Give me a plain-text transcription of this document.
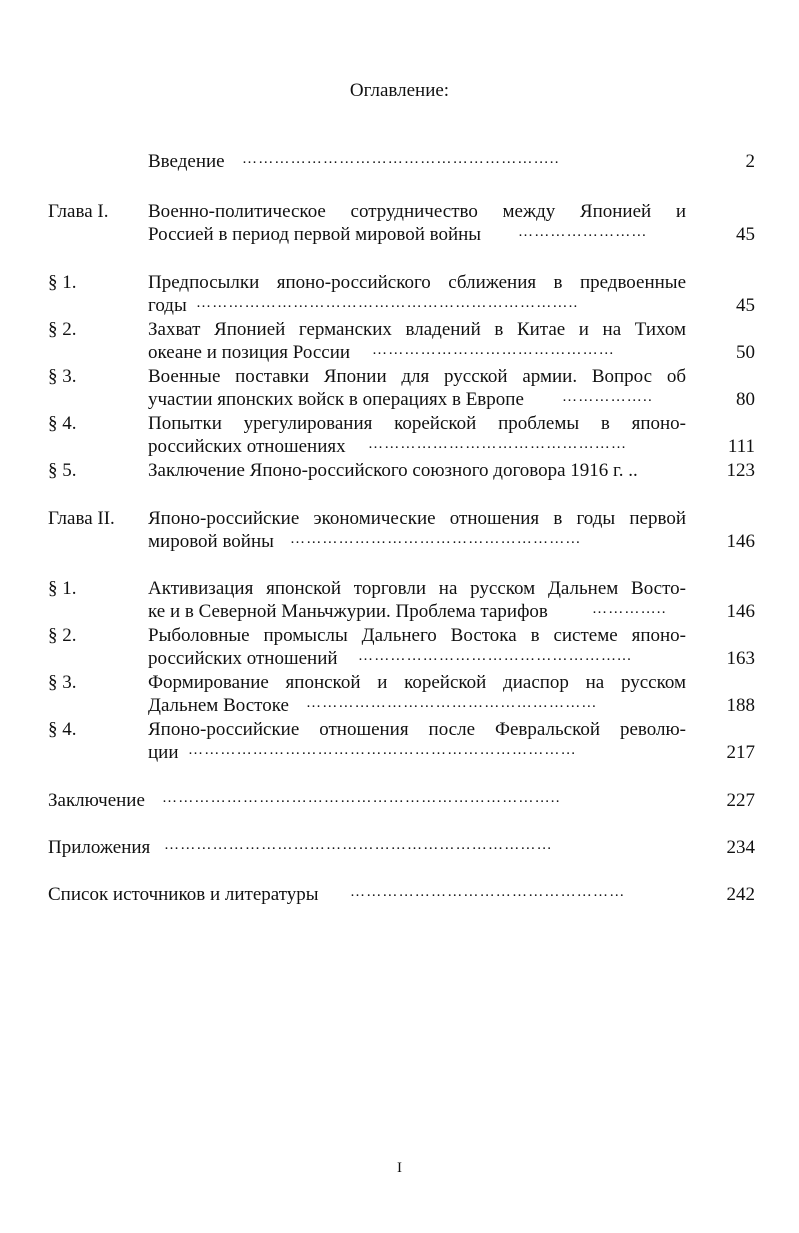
Оглавление:
Введение …………………………………………………..	2
Глава I. Военно-политическое сотрудничество между Японией и
Россией в период первой мировой войны ……………………	45
§ 1.	Предпосылки японо-российского сближения в предвоенные
годы ……………………………………………………………..	45
§ 2.	Захват Японией германских владений в Китае и на Тихом
океане и позиция России ………………………………………	50
§ 3.	Военные поставки Японии для русской армии. Вопрос об
участии японских войск в операциях в Европе	……………..	80
§ 4.	Попытки урегулирования корейской проблемы в японо-
российских отношениях …………………………………………	111
§ 5.	Заключение Японо-российского союзного договора 1916 г. ..	123
Глава II. Японо-российские экономические отношения в годы первой
мировой войны ………………………………………………	146
§ 1.	Активизация японской торговли на русском Дальнем Восто-
ке и в Северной Маньчжурии. Проблема тарифов	…………..	146
§ 2.	Рыболовные промыслы Дальнего Востока в системе японо-
российских отношений …………………………………………...	163
§ 3.	Формирование японской и корейской диаспор на русском
Дальнем Востоке ………………………………………………	188
§ 4.	Японо-российские отношения после Февральской револю-
ции ………………………………………………………………	217
Заключение ………………………………………………………………..	227
Приложения ………………………………………………………………	234
Список источников и литературы ……………………………………………	242
I
